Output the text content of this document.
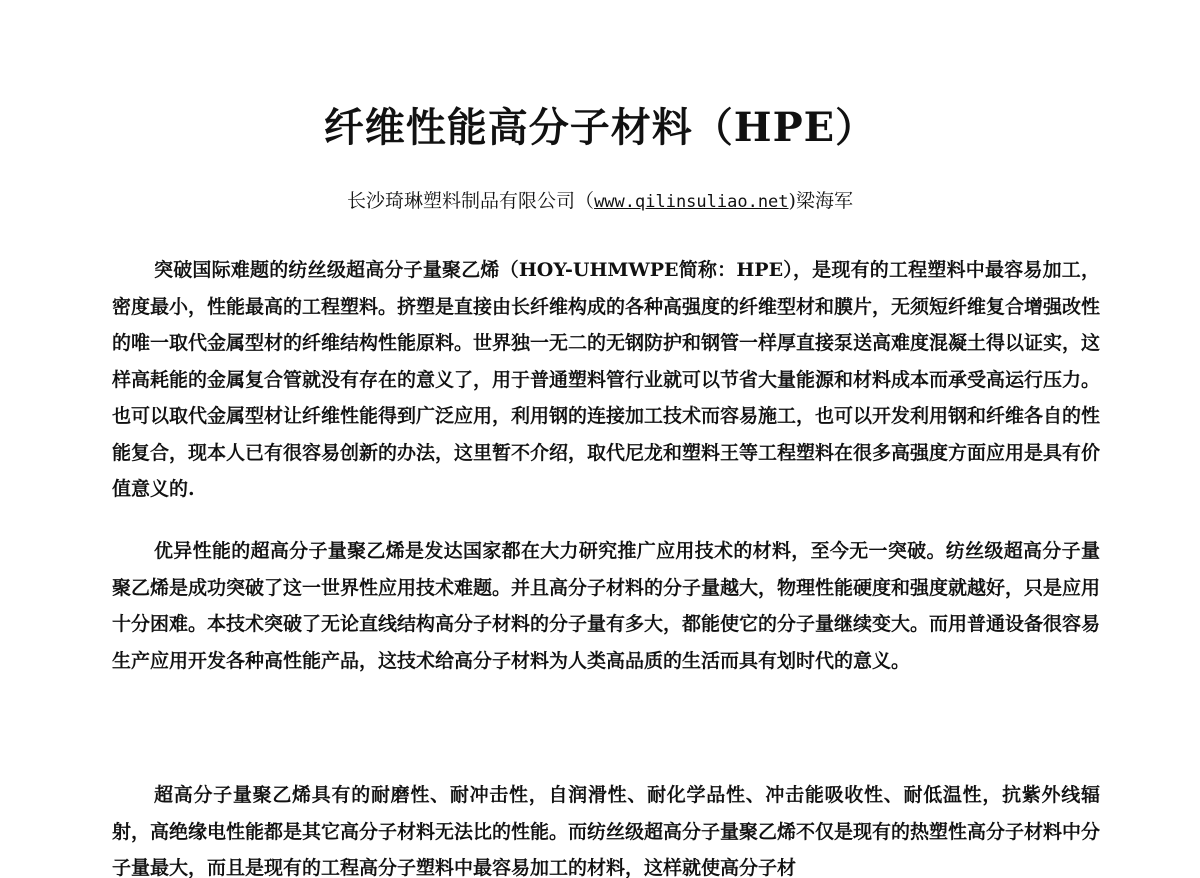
纤维性能高分子材料（HPE）

长沙琦琳塑料制品有限公司（www.qilinsuliao.net)梁海军

突破国际难题的纺丝级超高分子量聚乙烯（HOY-UHMWPE简称：HPE），是现有的工程塑料中最容易加工，密度最小，性能最高的工程塑料。挤塑是直接由长纤维构成的各种高强度的纤维型材和膜片，无须短纤维复合增强改性的唯一取代金属型材的纤维结构性能原料。世界独一无二的无钢防护和钢管一样厚直接泵送高难度混凝土得以证实，这样高耗能的金属复合管就没有存在的意义了，用于普通塑料管行业就可以节省大量能源和材料成本而承受高运行压力。也可以取代金属型材让纤维性能得到广泛应用，利用钢的连接加工技术而容易施工，也可以开发利用钢和纤维各自的性能复合，现本人已有很容易创新的办法，这里暂不介绍，取代尼龙和塑料王等工程塑料在很多高强度方面应用是具有价值意义的.

优异性能的超高分子量聚乙烯是发达国家都在大力研究推广应用技术的材料，至今无一突破。纺丝级超高分子量聚乙烯是成功突破了这一世界性应用技术难题。并且高分子材料的分子量越大，物理性能硬度和强度就越好，只是应用十分困难。本技术突破了无论直线结构高分子材料的分子量有多大，都能使它的分子量继续变大。而用普通设备很容易生产应用开发各种高性能产品，这技术给高分子材料为人类高品质的生活而具有划时代的意义。

超高分子量聚乙烯具有的耐磨性、耐冲击性，自润滑性、耐化学品性、冲击能吸收性、耐低温性，抗紫外线辐射，高绝缘电性能都是其它高分子材料无法比的性能。而纺丝级超高分子量聚乙烯不仅是现有的热塑性高分子材料中分子量最大，而且是现有的工程高分子塑料中最容易加工的材料，这样就使高分子材
